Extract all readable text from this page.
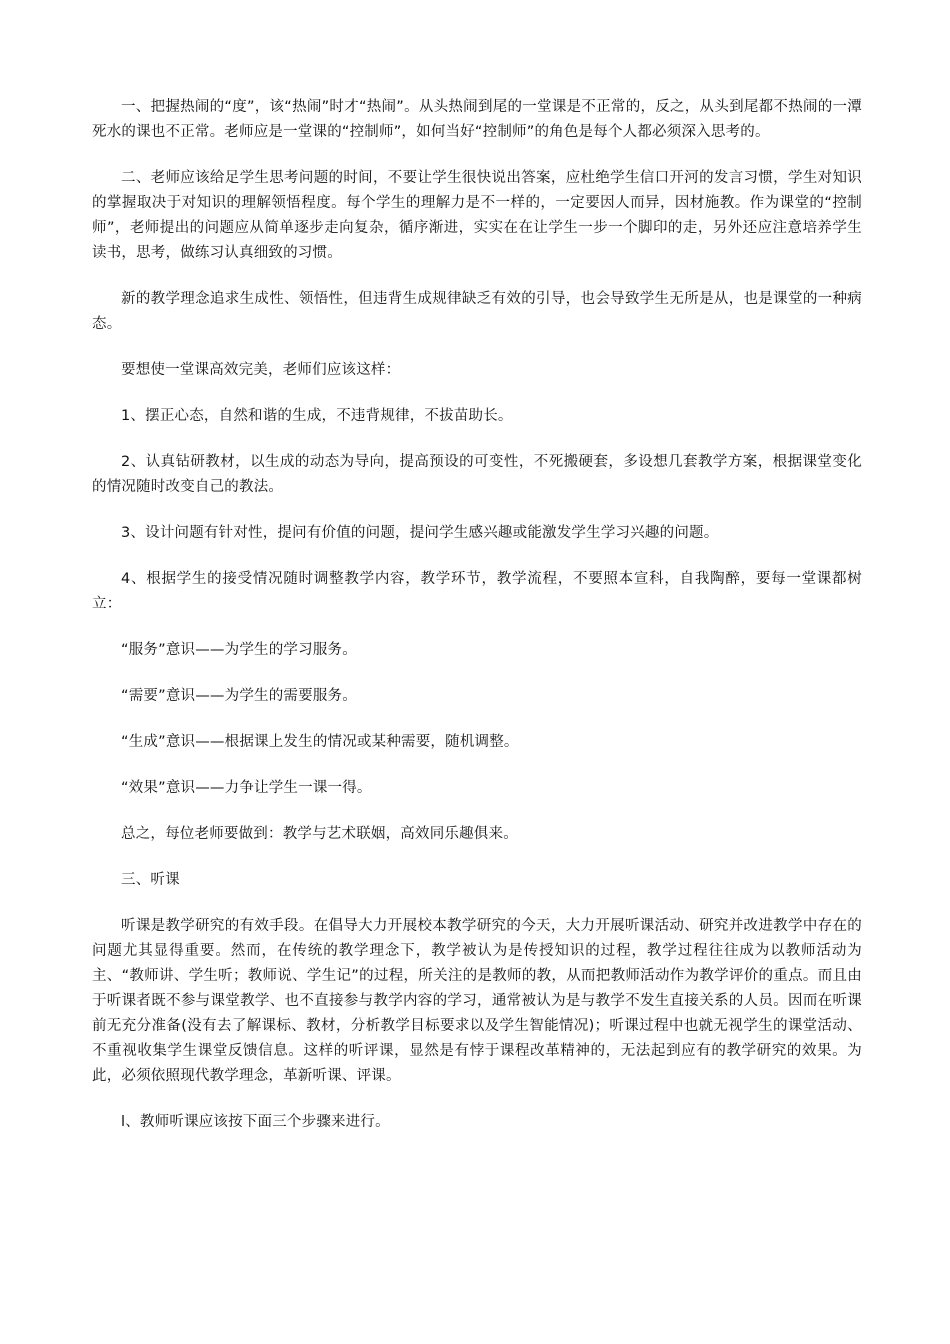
一、把握热闹的“度”，该“热闹”时才“热闹”。从头热闹到尾的一堂课是不正常的，反之，从头到尾都不热闹的一潭死水的课也不正常。老师应是一堂课的“控制师”，如何当好“控制师”的角色是每个人都必须深入思考的。

二、老师应该给足学生思考问题的时间，不要让学生很快说出答案，应杜绝学生信口开河的发言习惯，学生对知识的掌握取决于对知识的理解领悟程度。每个学生的理解力是不一样的，一定要因人而异，因材施教。作为课堂的“控制师”，老师提出的问题应从简单逐步走向复杂，循序渐进，实实在在让学生一步一个脚印的走，另外还应注意培养学生读书，思考，做练习认真细致的习惯。

新的教学理念追求生成性、领悟性，但违背生成规律缺乏有效的引导，也会导致学生无所是从，也是课堂的一种病态。

要想使一堂课高效完美，老师们应该这样：

1、摆正心态，自然和谐的生成，不违背规律，不拔苗助长。

2、认真钻研教材，以生成的动态为导向，提高预设的可变性，不死搬硬套，多设想几套教学方案，根据课堂变化的情况随时改变自己的教法。

3、设计问题有针对性，提问有价值的问题，提问学生感兴趣或能激发学生学习兴趣的问题。

4、根据学生的接受情况随时调整教学内容，教学环节，教学流程，不要照本宣科，自我陶醉，要每一堂课都树立：

“服务”意识——为学生的学习服务。

“需要”意识——为学生的需要服务。

“生成”意识——根据课上发生的情况或某种需要，随机调整。

“效果”意识——力争让学生一课一得。

总之，每位老师要做到：教学与艺术联姻，高效同乐趣俱来。

三、听课

听课是教学研究的有效手段。在倡导大力开展校本教学研究的今天，大力开展听课活动、研究并改进教学中存在的问题尤其显得重要。然而，在传统的教学理念下，教学被认为是传授知识的过程，教学过程往往成为以教师活动为主、“教师讲、学生听；教师说、学生记”的过程，所关注的是教师的教，从而把教师活动作为教学评价的重点。而且由于听课者既不参与课堂教学、也不直接参与教学内容的学习，通常被认为是与教学不发生直接关系的人员。因而在听课前无充分准备(没有去了解课标、教材，分析教学目标要求以及学生智能情况)；听课过程中也就无视学生的课堂活动、不重视收集学生课堂反馈信息。这样的听评课，显然是有悖于课程改革精神的，无法起到应有的教学研究的效果。为此，必须依照现代教学理念，革新听课、评课。

l、教师听课应该按下面三个步骤来进行。
